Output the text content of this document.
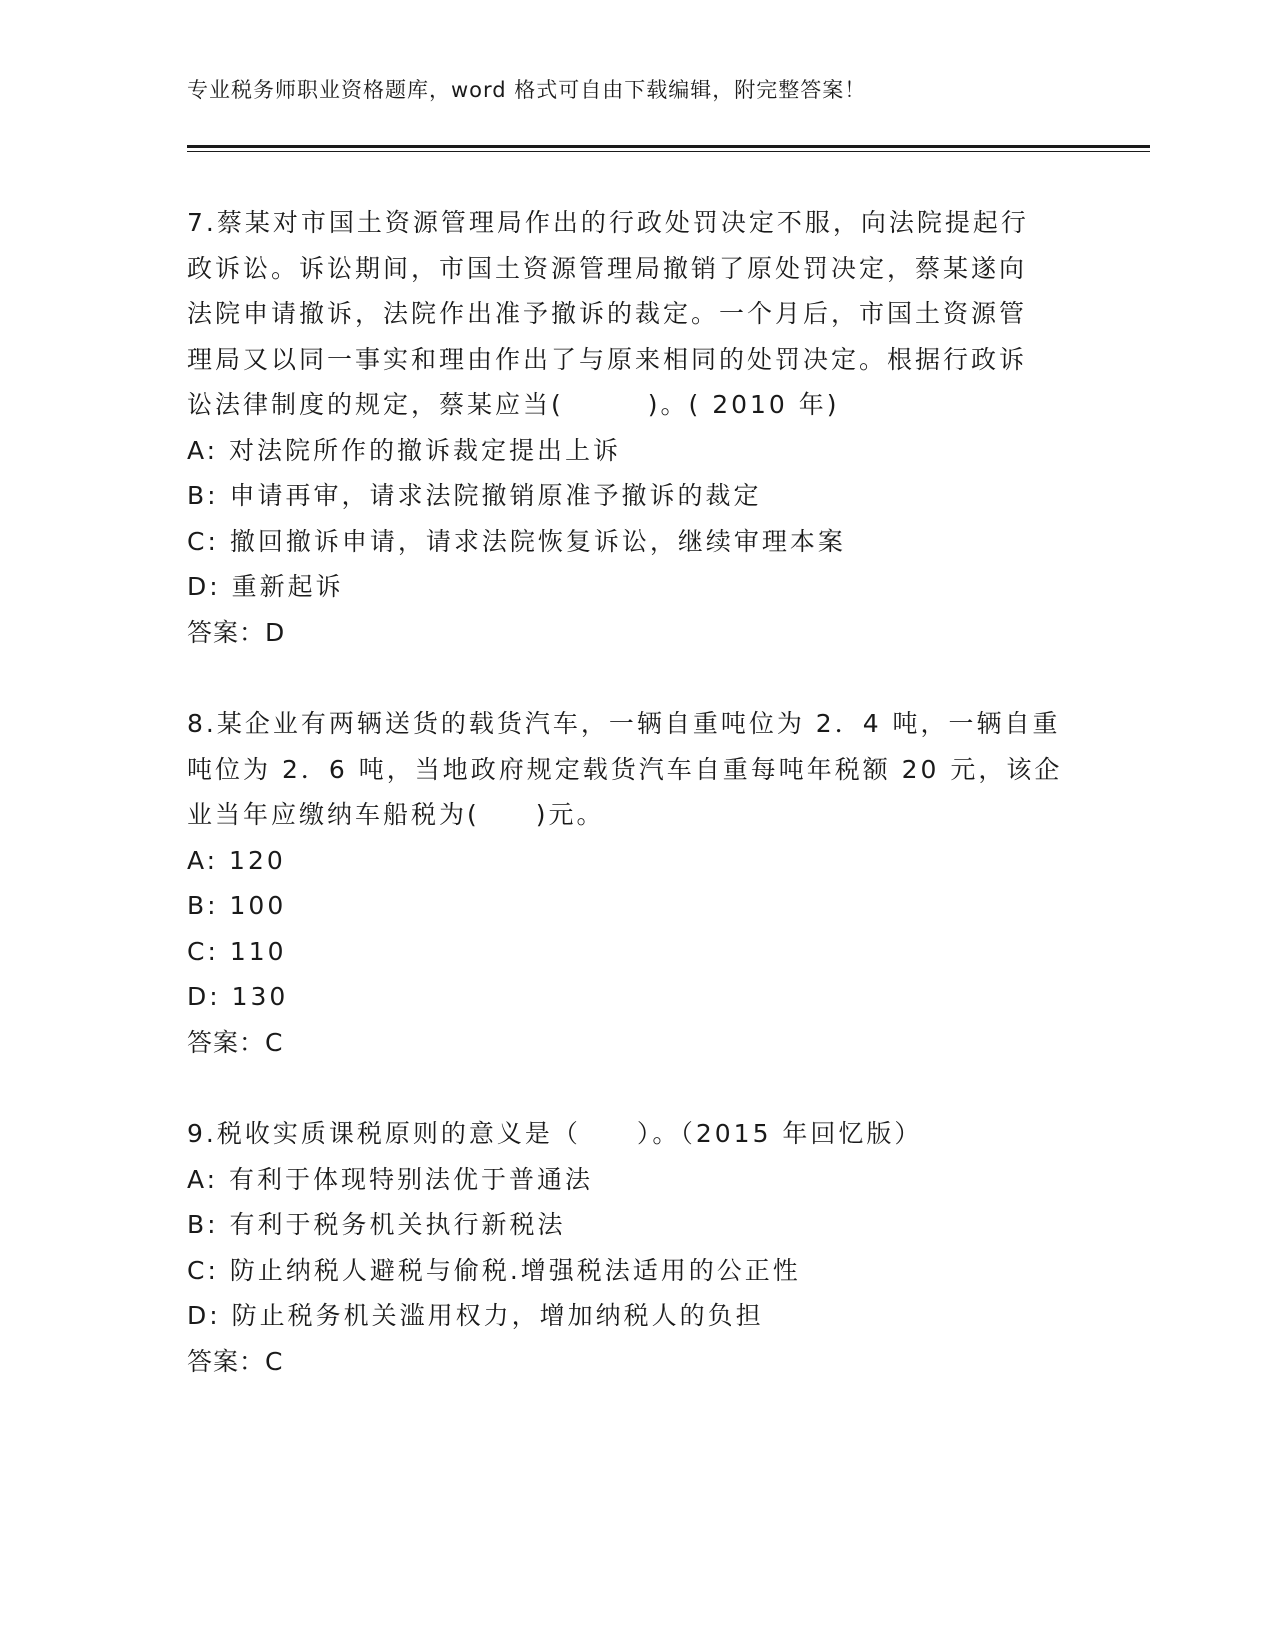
专业税务师职业资格题库，word 格式可自由下载编辑，附完整答案！
7.蔡某对市国土资源管理局作出的行政处罚决定不服，向法院提起行
政诉讼。诉讼期间，市国土资源管理局撤销了原处罚决定，蔡某遂向
法院申请撤诉，法院作出准予撤诉的裁定。一个月后，市国土资源管
理局又以同一事实和理由作出了与原来相同的处罚决定。根据行政诉
讼法律制度的规定，蔡某应当(　　　)。( 2010 年)
A: 对法院所作的撤诉裁定提出上诉
B: 申请再审，请求法院撤销原准予撤诉的裁定
C: 撤回撤诉申请，请求法院恢复诉讼，继续审理本案
D: 重新起诉
答案：D
8.某企业有两辆送货的载货汽车，一辆自重吨位为 2．4 吨，一辆自重
吨位为 2．6 吨，当地政府规定载货汽车自重每吨年税额 20 元，该企
业当年应缴纳车船税为(　　)元。
A: 120
B: 100
C: 110
D: 130
答案：C
9.税收实质课税原则的意义是（　　）。（2015 年回忆版）
A: 有利于体现特别法优于普通法
B: 有利于税务机关执行新税法
C: 防止纳税人避税与偷税.增强税法适用的公正性
D: 防止税务机关滥用权力，增加纳税人的负担
答案：C
